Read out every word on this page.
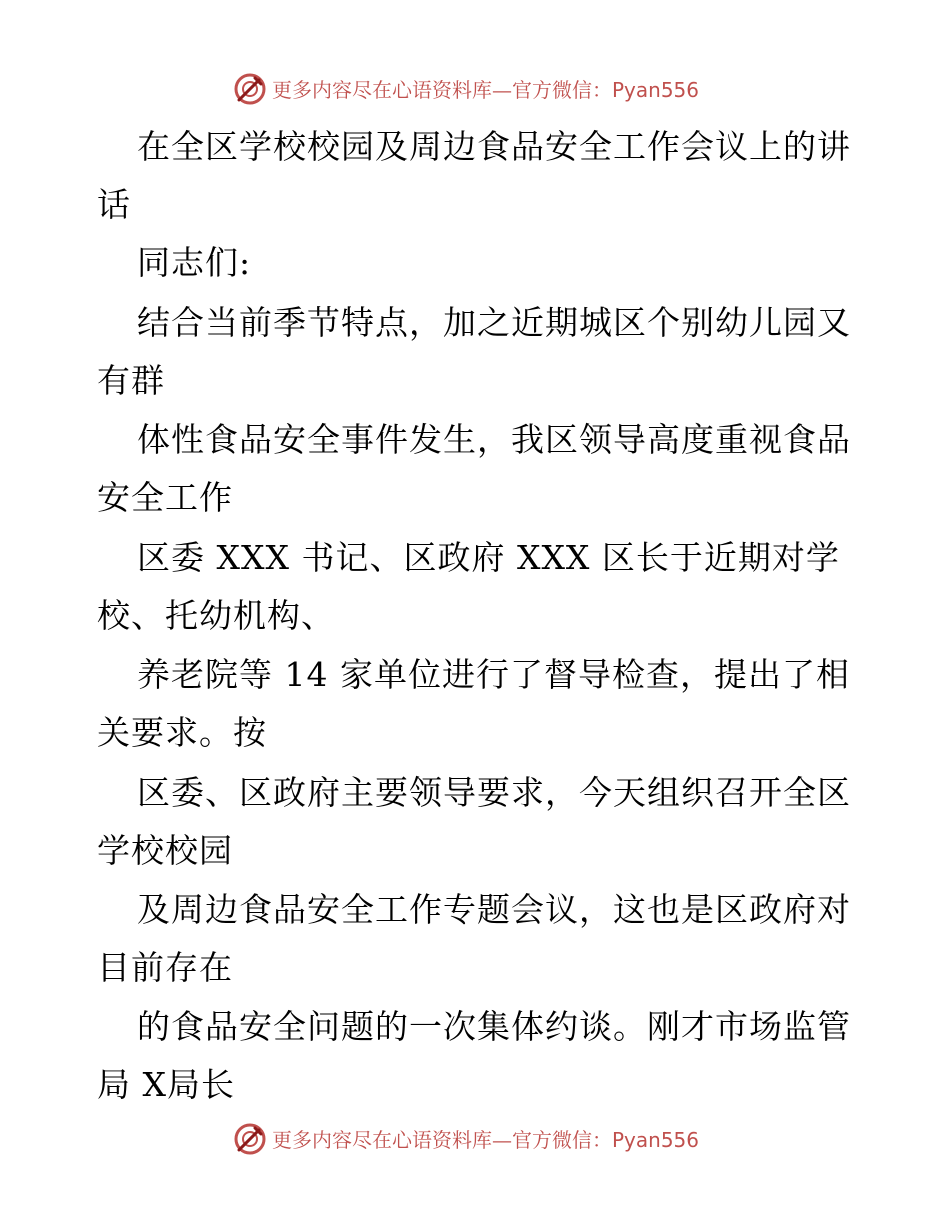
更多内容尽在心语资料库—官方微信：Pyan556
在全区学校校园及周边食品安全工作会议上的讲
话
同志们:
结合当前季节特点，加之近期城区个别幼儿园又
有群
体性食品安全事件发生，我区领导高度重视食品
安全工作
区委 XXX 书记、区政府 XXX 区长于近期对学
校、托幼机构、
养老院等 14 家单位进行了督导检查，提出了相
关要求。按
区委、区政府主要领导要求，今天组织召开全区
学校校园
及周边食品安全工作专题会议，这也是区政府对
目前存在
的食品安全问题的一次集体约谈。刚才市场监管
局 X局长
更多内容尽在心语资料库—官方微信：Pyan556
